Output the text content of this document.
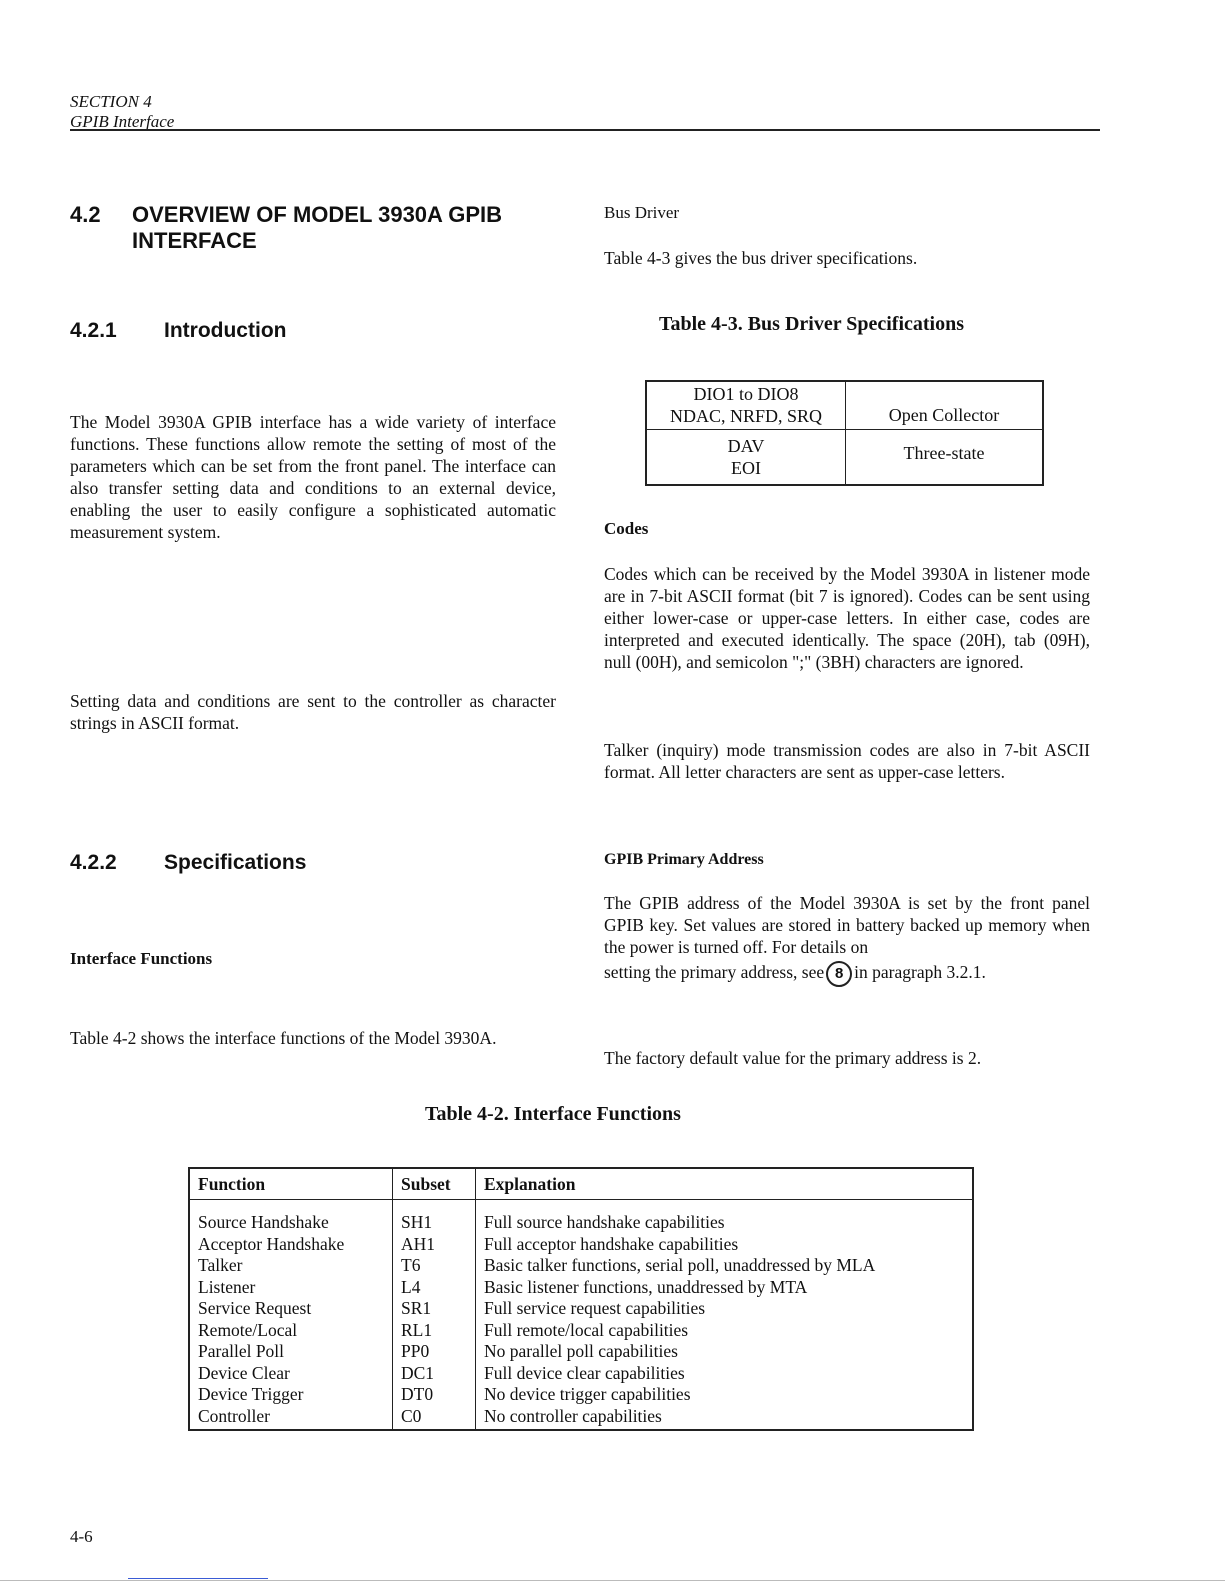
SECTION 4
GPIB Interface
4.2 OVERVIEW OF MODEL 3930A GPIB
INTERFACE
4.2.1 Introduction
The Model 3930A GPIB interface has a wide variety of interface functions. These functions allow remote the setting of most of the parameters which can be set from the front panel. The interface can also transfer setting data and conditions to an external device, enabling the user to easily configure a sophisticated automatic measurement system.
Setting data and conditions are sent to the controller as character strings in ASCII format.
4.2.2 Specifications
Interface Functions
Table 4-2 shows the interface functions of the Model 3930A.
Bus Driver
Table 4-3 gives the bus driver specifications.
Table 4-3. Bus Driver Specifications
DIO1 to DIO8
NDAC, NRFD, SRQ	Open Collector

DAV
EOI	Three-state
Codes
Codes which can be received by the Model 3930A in listener mode are in 7-bit ASCII format (bit 7 is ignored). Codes can be sent using either lower-case or upper-case letters. In either case, codes are interpreted and executed identically. The space (20H), tab (09H), null (00H), and semicolon ";" (3BH) characters are ignored.
Talker (inquiry) mode transmission codes are also in 7-bit ASCII format. All letter characters are sent as upper-case letters.
GPIB Primary Address
The GPIB address of the Model 3930A is set by the front panel GPIB key. Set values are stored in battery backed up memory when the power is turned off. For details on
setting the primary address, see 8 in paragraph 3.2.1.
The factory default value for the primary address is 2.
Table 4-2. Interface Functions
Function	Subset	Explanation
Source Handshake	SH1	Full source handshake capabilities
Acceptor Handshake	AH1	Full acceptor handshake capabilities
Talker	T6	Basic talker functions, serial poll, unaddressed by MLA
Listener	L4	Basic listener functions, unaddressed by MTA
Service Request	SR1	Full service request capabilities
Remote/Local	RL1	Full remote/local capabilities
Parallel Poll	PP0	No parallel poll capabilities
Device Clear	DC1	Full device clear capabilities
Device Trigger	DT0	No device trigger capabilities
Controller	C0	No controller capabilities
4-6
